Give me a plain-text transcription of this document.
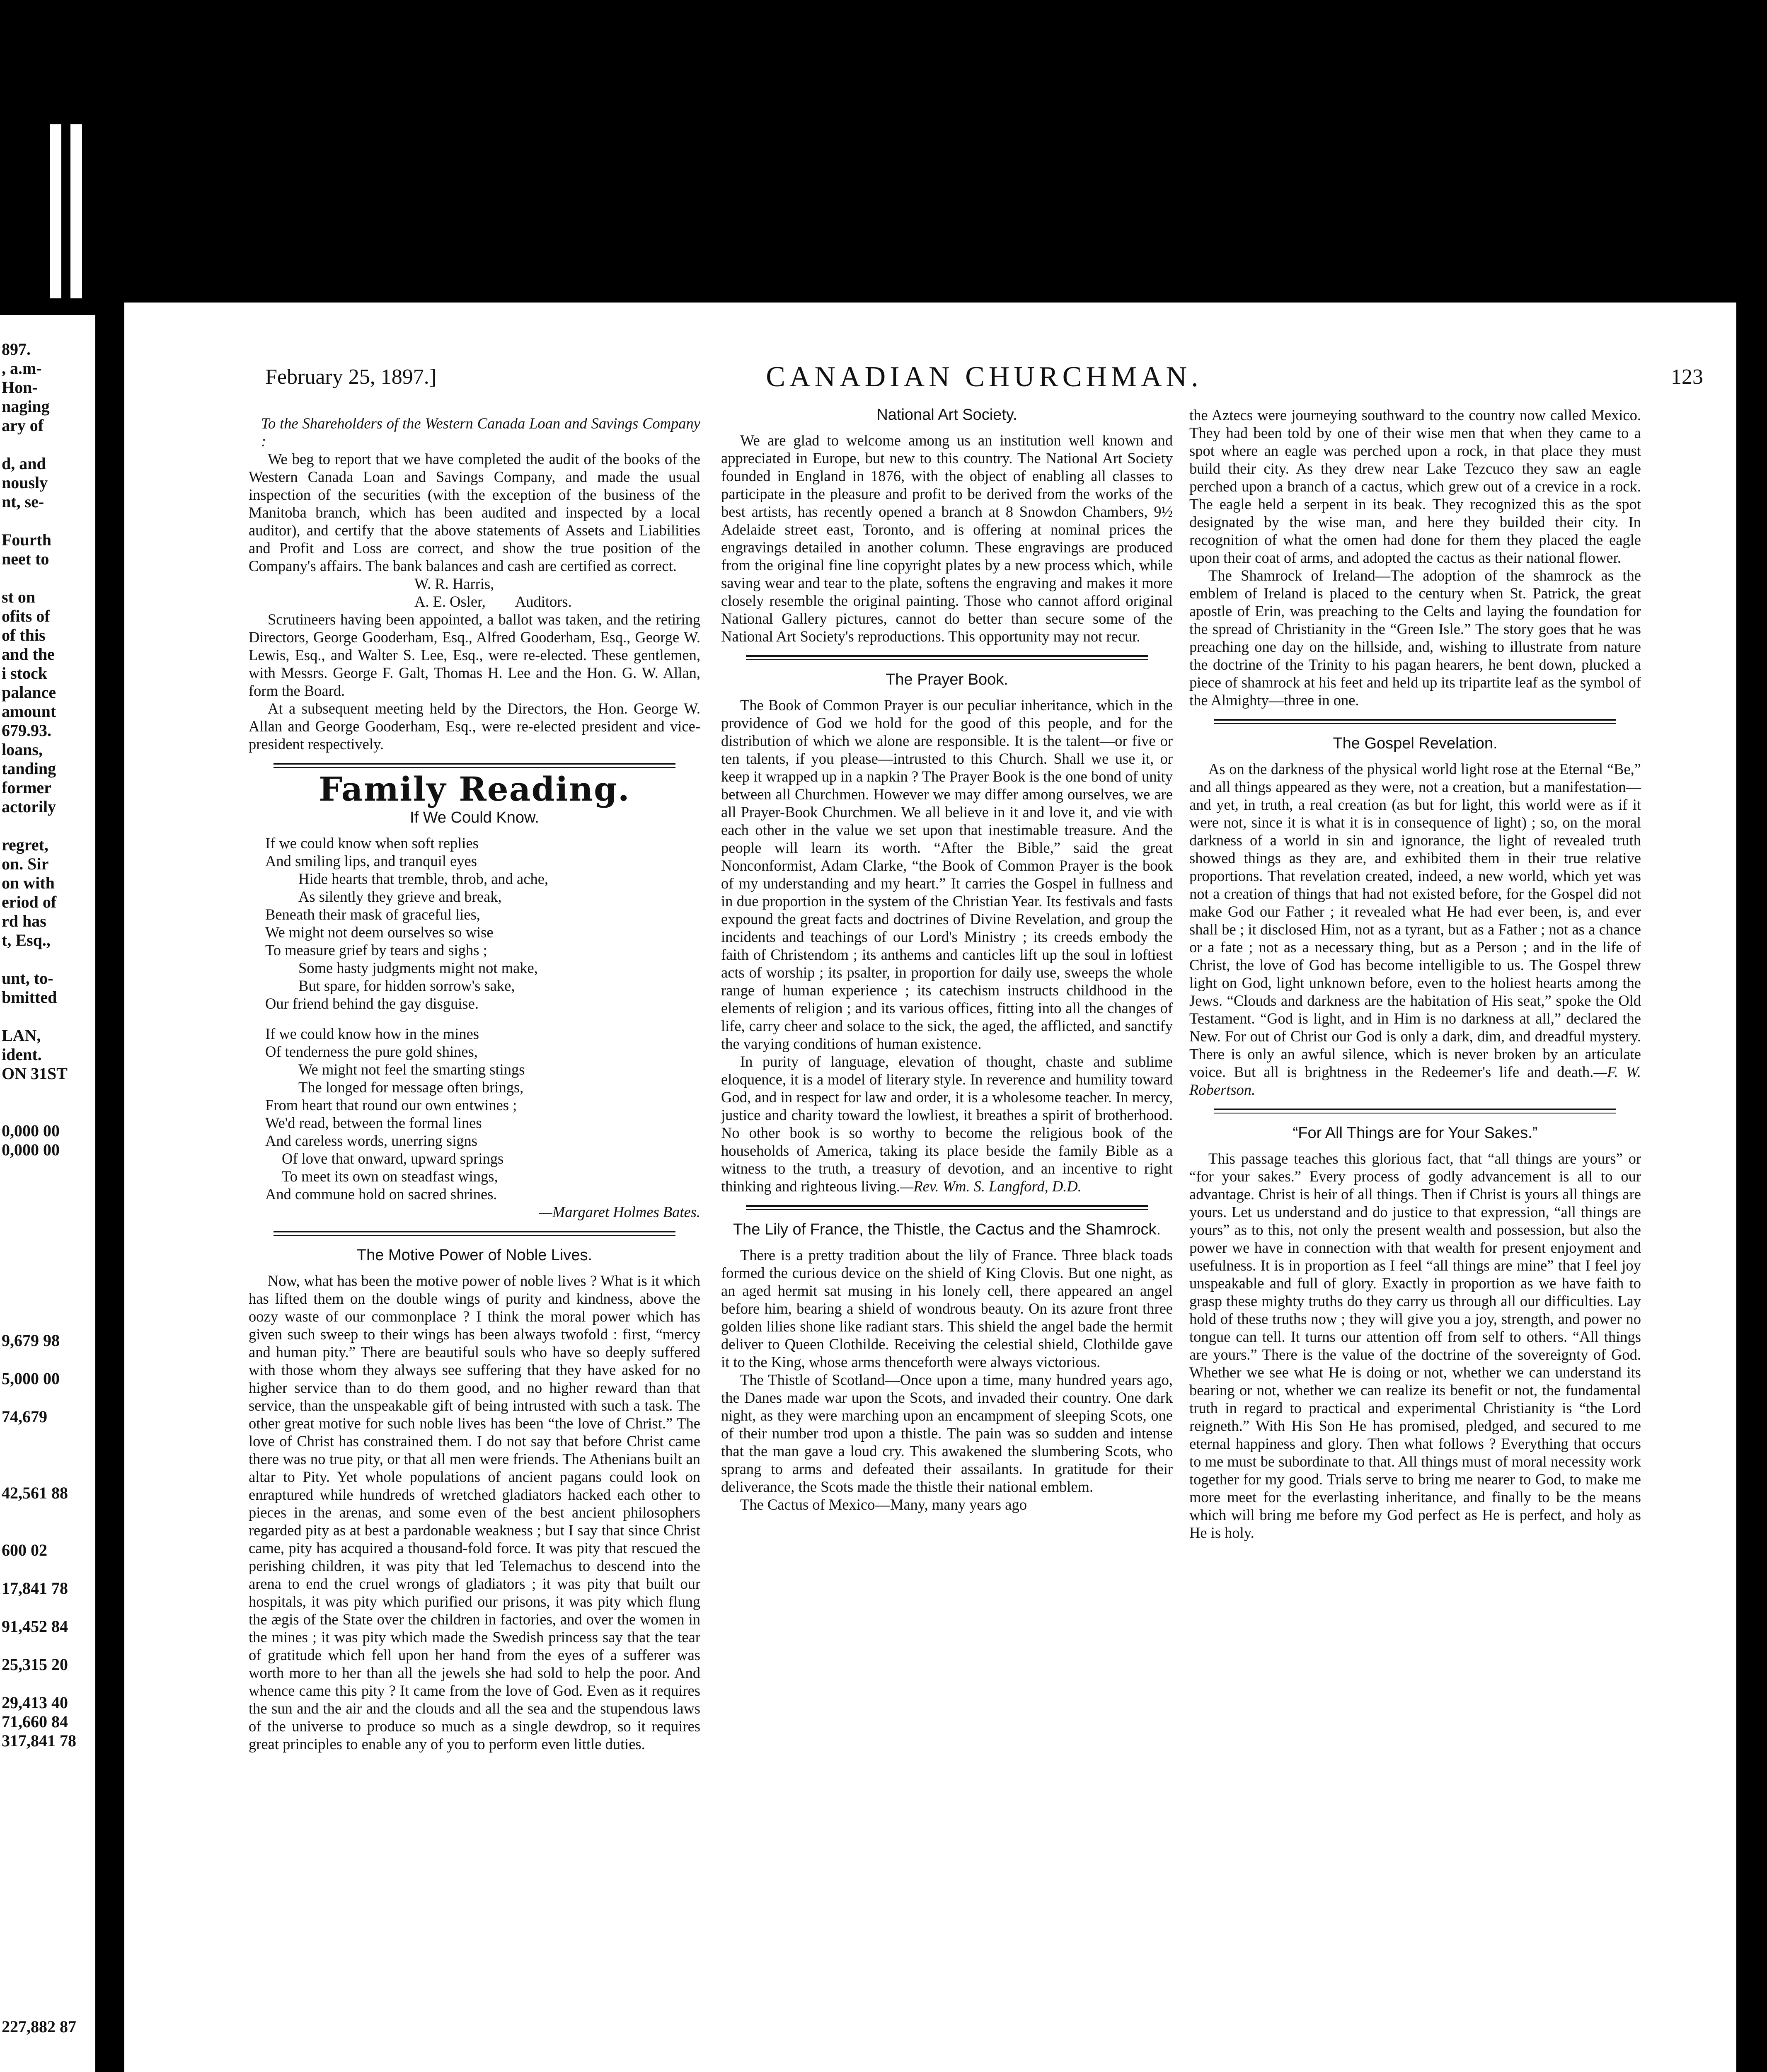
897.
, a.m-
Hon-
naging
ary of
d, and
nously
nt, se-
Fourth
neet to
st on
ofits of
of this
and the
i stock
palance
amount
679.93.
loans,
tanding
former
actorily
regret,
on. Sir
on with
eriod of
rd has
t, Esq.,
unt, to-
bmitted
LAN,
ident.
ON 31ST
0,000 00
0,000 00
9,679 98
5,000 00
74,679
42,561 88
600 02
17,841 78
91,452 84
25,315 20
29,413 40
71,660 84
317,841 78
227,882 87
February 25, 1897.]	CANADIAN CHURCHMAN.	123

To the Shareholders of the Western Canada Loan and Savings Company :

We beg to report that we have completed the audit of the books of the Western Canada Loan and Savings Company, and made the usual inspection of the securities (with the exception of the business of the Manitoba branch, which has been audited and inspected by a local auditor), and certify that the above statements of Assets and Liabilities and Profit and Loss are correct, and show the true position of the Company's affairs. The bank balances and cash are certified as correct.

W. R. Harris,

A. E. Osler, Auditors.

Scrutineers having been appointed, a ballot was taken, and the retiring Directors, George Gooderham, Esq., Alfred Gooderham, Esq., George W. Lewis, Esq., and Walter S. Lee, Esq., were re-elected. These gentlemen, with Messrs. George F. Galt, Thomas H. Lee and the Hon. G. W. Allan, form the Board.

At a subsequent meeting held by the Directors, the Hon. George W. Allan and George Gooderham, Esq., were re-elected president and vice-president respectively.

Family Reading.
If We Could Know.
If we could know when soft replies
And smiling lips, and tranquil eyes
Hide hearts that tremble, throb, and ache,
As silently they grieve and break,
Beneath their mask of graceful lies,
We might not deem ourselves so wise
To measure grief by tears and sighs ;
Some hasty judgments might not make,
But spare, for hidden sorrow's sake,
Our friend behind the gay disguise.
If we could know how in the mines
Of tenderness the pure gold shines,
We might not feel the smarting stings
The longed for message often brings,
From heart that round our own entwines ;
We'd read, between the formal lines
And careless words, unerring signs
Of love that onward, upward springs
To meet its own on steadfast wings,
And commune hold on sacred shrines.
—Margaret Holmes Bates.
The Motive Power of Noble Lives.

Now, what has been the motive power of noble lives ? What is it which has lifted them on the double wings of purity and kindness, above the oozy waste of our commonplace ? I think the moral power which has given such sweep to their wings has been always twofold : first, “mercy and human pity.” There are beautiful souls who have so deeply suffered with those whom they always see suffering that they have asked for no higher service than to do them good, and no higher reward than that service, than the unspeakable gift of being intrusted with such a task. The other great motive for such noble lives has been “the love of Christ.” The love of Christ has constrained them. I do not say that before Christ came there was no true pity, or that all men were friends. The Athenians built an altar to Pity. Yet whole populations of ancient pagans could look on enraptured while hundreds of wretched gladiators hacked each other to pieces in the arenas, and some even of the best ancient philosophers regarded pity as at best a pardonable weakness ; but I say that since Christ came, pity has acquired a thousand-fold force. It was pity that rescued the perishing children, it was pity that led Telemachus to descend into the arena to end the cruel wrongs of gladiators ; it was pity that built our hospitals, it was pity which purified our prisons, it was pity which flung the ægis of the State over the children in factories, and over the women in the mines ; it was pity which made the Swedish princess say that the tear of gratitude which fell upon her hand from the eyes of a sufferer was worth more to her than all the jewels she had sold to help the poor. And whence came this pity ? It came from the love of God. Even as it requires the sun and the air and the clouds and all the sea and the stupendous laws of the universe to produce so much as a single dewdrop, so it requires great principles to enable any of you to perform even little duties.

National Art Society.

We are glad to welcome among us an institution well known and appreciated in Europe, but new to this country. The National Art Society founded in England in 1876, with the object of enabling all classes to participate in the pleasure and profit to be derived from the works of the best artists, has recently opened a branch at 8 Snowdon Chambers, 9½ Adelaide street east, Toronto, and is offering at nominal prices the engravings detailed in another column. These engravings are produced from the original fine line copyright plates by a new process which, while saving wear and tear to the plate, softens the engraving and makes it more closely resemble the original painting. Those who cannot afford original National Gallery pictures, cannot do better than secure some of the National Art Society's reproductions. This opportunity may not recur.

The Prayer Book.

The Book of Common Prayer is our peculiar inheritance, which in the providence of God we hold for the good of this people, and for the distribution of which we alone are responsible. It is the talent—or five or ten talents, if you please—intrusted to this Church. Shall we use it, or keep it wrapped up in a napkin ? The Prayer Book is the one bond of unity between all Churchmen. However we may differ among ourselves, we are all Prayer-Book Churchmen. We all believe in it and love it, and vie with each other in the value we set upon that inestimable treasure. And the people will learn its worth. “After the Bible,” said the great Nonconformist, Adam Clarke, “the Book of Common Prayer is the book of my understanding and my heart.” It carries the Gospel in fullness and in due proportion in the system of the Christian Year. Its festivals and fasts expound the great facts and doctrines of Divine Revelation, and group the incidents and teachings of our Lord's Ministry ; its creeds embody the faith of Christendom ; its anthems and canticles lift up the soul in loftiest acts of worship ; its psalter, in proportion for daily use, sweeps the whole range of human experience ; its catechism instructs childhood in the elements of religion ; and its various offices, fitting into all the changes of life, carry cheer and solace to the sick, the aged, the afflicted, and sanctify the varying conditions of human existence.

In purity of language, elevation of thought, chaste and sublime eloquence, it is a model of literary style. In reverence and humility toward God, and in respect for law and order, it is a wholesome teacher. In mercy, justice and charity toward the lowliest, it breathes a spirit of brotherhood. No other book is so worthy to become the religious book of the households of America, taking its place beside the family Bible as a witness to the truth, a treasury of devotion, and an incentive to right thinking and righteous living.—Rev. Wm. S. Langford, D.D.

The Lily of France, the Thistle, the Cactus and the Shamrock.

There is a pretty tradition about the lily of France. Three black toads formed the curious device on the shield of King Clovis. But one night, as an aged hermit sat musing in his lonely cell, there appeared an angel before him, bearing a shield of wondrous beauty. On its azure front three golden lilies shone like radiant stars. This shield the angel bade the hermit deliver to Queen Clothilde. Receiving the celestial shield, Clothilde gave it to the King, whose arms thenceforth were always victorious.

The Thistle of Scotland—Once upon a time, many hundred years ago, the Danes made war upon the Scots, and invaded their country. One dark night, as they were marching upon an encampment of sleeping Scots, one of their number trod upon a thistle. The pain was so sudden and intense that the man gave a loud cry. This awakened the slumbering Scots, who sprang to arms and defeated their assailants. In gratitude for their deliverance, the Scots made the thistle their national emblem.

The Cactus of Mexico—Many, many years ago

the Aztecs were journeying southward to the country now called Mexico. They had been told by one of their wise men that when they came to a spot where an eagle was perched upon a rock, in that place they must build their city. As they drew near Lake Tezcuco they saw an eagle perched upon a branch of a cactus, which grew out of a crevice in a rock. The eagle held a serpent in its beak. They recognized this as the spot designated by the wise man, and here they builded their city. In recognition of what the omen had done for them they placed the eagle upon their coat of arms, and adopted the cactus as their national flower.

The Shamrock of Ireland—The adoption of the shamrock as the emblem of Ireland is placed to the century when St. Patrick, the great apostle of Erin, was preaching to the Celts and laying the foundation for the spread of Christianity in the “Green Isle.” The story goes that he was preaching one day on the hillside, and, wishing to illustrate from nature the doctrine of the Trinity to his pagan hearers, he bent down, plucked a piece of shamrock at his feet and held up its tripartite leaf as the symbol of the Almighty—three in one.

The Gospel Revelation.

As on the darkness of the physical world light rose at the Eternal “Be,” and all things appeared as they were, not a creation, but a manifestation—and yet, in truth, a real creation (as but for light, this world were as if it were not, since it is what it is in consequence of light) ; so, on the moral darkness of a world in sin and ignorance, the light of revealed truth showed things as they are, and exhibited them in their true relative proportions. That revelation created, indeed, a new world, which yet was not a creation of things that had not existed before, for the Gospel did not make God our Father ; it revealed what He had ever been, is, and ever shall be ; it disclosed Him, not as a tyrant, but as a Father ; not as a chance or a fate ; not as a necessary thing, but as a Person ; and in the life of Christ, the love of God has become intelligible to us. The Gospel threw light on God, light unknown before, even to the holiest hearts among the Jews. “Clouds and darkness are the habitation of His seat,” spoke the Old Testament. “God is light, and in Him is no darkness at all,” declared the New. For out of Christ our God is only a dark, dim, and dreadful mystery. There is only an awful silence, which is never broken by an articulate voice. But all is brightness in the Redeemer's life and death.—F. W. Robertson.

“For All Things are for Your Sakes.”

This passage teaches this glorious fact, that “all things are yours” or “for your sakes.” Every process of godly advancement is all to our advantage. Christ is heir of all things. Then if Christ is yours all things are yours. Let us understand and do justice to that expression, “all things are yours” as to this, not only the present wealth and possession, but also the power we have in connection with that wealth for present enjoyment and usefulness. It is in proportion as I feel “all things are mine” that I feel joy unspeakable and full of glory. Exactly in proportion as we have faith to grasp these mighty truths do they carry us through all our difficulties. Lay hold of these truths now ; they will give you a joy, strength, and power no tongue can tell. It turns our attention off from self to others. “All things are yours.” There is the value of the doctrine of the sovereignty of God. Whether we see what He is doing or not, whether we can understand its bearing or not, whether we can realize its benefit or not, the fundamental truth in regard to practical and experimental Christianity is “the Lord reigneth.” With His Son He has promised, pledged, and secured to me eternal happiness and glory. Then what follows ? Everything that occurs to me must be subordinate to that. All things must of moral necessity work together for my good. Trials serve to bring me nearer to God, to make me more meet for the everlasting inheritance, and finally to be the means which will bring me before my God perfect as He is perfect, and holy as He is holy.
